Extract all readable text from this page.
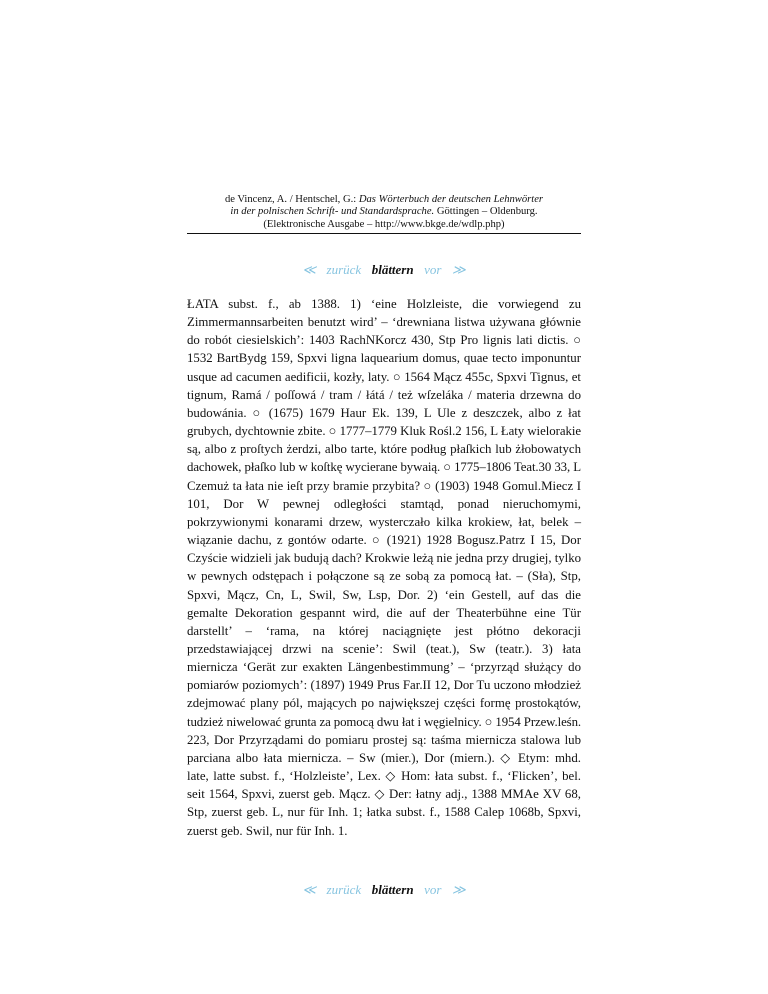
de Vincenz, A. / Hentschel, G.: Das Wörterbuch der deutschen Lehnwörter
in der polnischen Schrift- und Standardsprache. Göttingen – Oldenburg.
(Elektronische Ausgabe – http://www.bkge.de/wdlp.php)
≪ zurück blättern vor ≫
ŁATA subst. f., ab 1388. 1) ‘eine Holzleiste, die vorwiegend zu
Zimmermannsarbeiten benutzt wird’ – ‘drewniana listwa używana głównie
do robót ciesielskich’: 1403 RachNKorcz 430, Stp Pro lignis lati dictis. ○
1532 BartBydg 159, Spxvi ligna laquearium domus, quae tecto imponuntur
usque ad cacumen aedificii, kozły, laty. ○ 1564 Mącz 455c, Spxvi Tignus, et
tignum, Ramá / poſſowá / tram / łátá / też wſzeláka / materia drzewna do
budowánia. ○ (1675) 1679 Haur Ek. 139, L Ule z deszczek, albo z łat
grubych, dychtownie zbite. ○ 1777–1779 Kluk Rośl.2 156, L Łaty wielorakie
są, albo z proſtych żerdzi, albo tarte, które podług płaſkich lub żłobowatych
dachowek, płaſko lub w koſtkę wycierane bywaią. ○ 1775–1806 Teat.30 33, L
Czemuż ta łata nie ieſt przy bramie przybita? ○ (1903) 1948 Gomul.Miecz I
101, Dor W pewnej odległości stamtąd, ponad nieruchomymi,
pokrzywionymi konarami drzew, wysterczało kilka krokiew, łat, belek –
wiązanie dachu, z gontów odarte. ○ (1921) 1928 Bogusz.Patrz I 15, Dor
Czyście widzieli jak budują dach? Krokwie leżą nie jedna przy drugiej, tylko
w pewnych odstępach i połączone są ze sobą za pomocą łat. – (Sła), Stp,
Spxvi, Mącz, Cn, L, Swil, Sw, Lsp, Dor. 2) ‘ein Gestell, auf das die
gemalte Dekoration gespannt wird, die auf der Theaterbühne eine Tür
darstellt’ – ‘rama, na której naciągnięte jest płótno dekoracji
przedstawiającej drzwi na scenie’: Swil (teat.), Sw (teatr.). 3) łata
miernicza ‘Gerät zur exakten Längenbestimmung’ – ‘przyrząd służący do
pomiarów poziomych’: (1897) 1949 Prus Far.II 12, Dor Tu uczono młodzież
zdejmować plany pól, mających po największej części formę prostokątów,
tudzież niwelować grunta za pomocą dwu łat i węgielnicy. ○ 1954 Przew.leśn.
223, Dor Przyrządami do pomiaru prostej są: taśma miernicza stalowa lub
parciana albo łata miernicza. – Sw (mier.), Dor (miern.). ◇ Etym: mhd.
late, latte subst. f., ‘Holzleiste’, Lex. ◇ Hom: łata subst. f., ‘Flicken’, bel.
seit 1564, Spxvi, zuerst geb. Mącz. ◇ Der: łatny adj., 1388 MMAe XV 68,
Stp, zuerst geb. L, nur für Inh. 1; łatka subst. f., 1588 Calep 1068b, Spxvi,
zuerst geb. Swil, nur für Inh. 1.
≪ zurück blättern vor ≫
